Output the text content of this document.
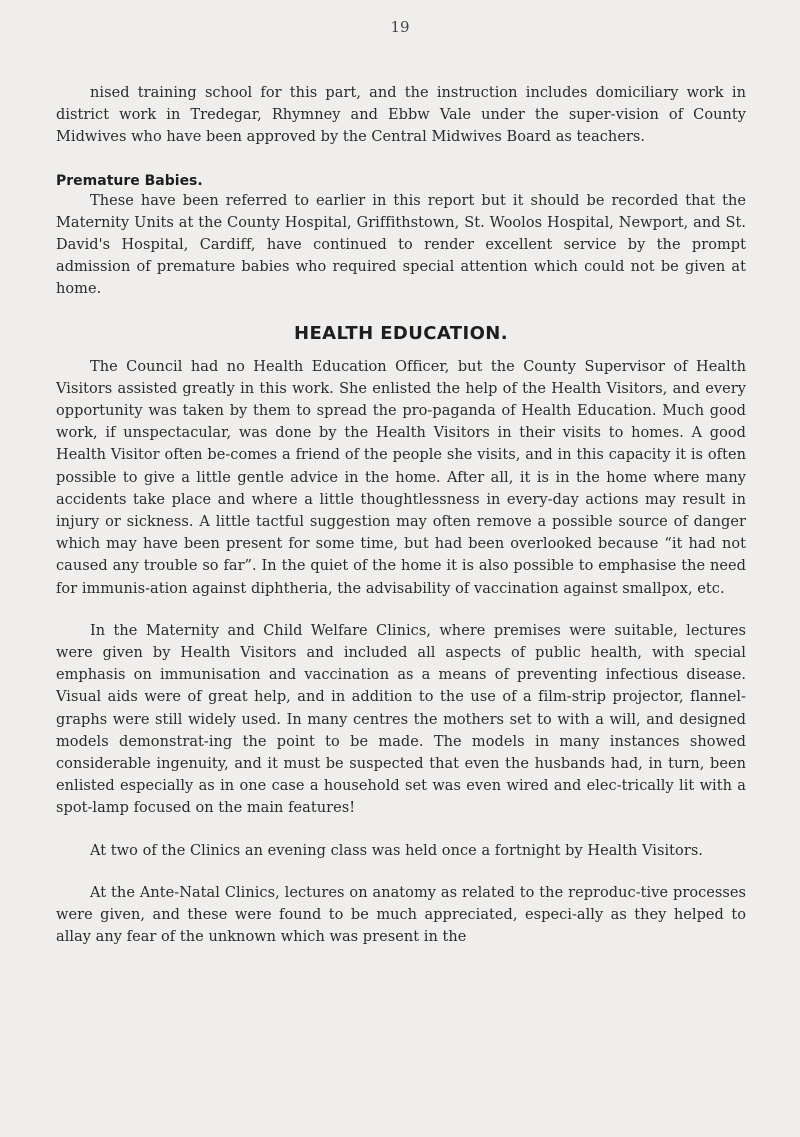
19

nised training school for this part, and the instruction includes domiciliary work in district work in Tredegar, Rhymney and Ebbw Vale under the super-vision of County Midwives who have been approved by the Central Midwives Board as teachers.

Premature Babies.

These have been referred to earlier in this report but it should be recorded that the Maternity Units at the County Hospital, Griffithstown, St. Woolos Hospital, Newport, and St. David's Hospital, Cardiff, have continued to render excellent service by the prompt admission of premature babies who required special attention which could not be given at home.

HEALTH EDUCATION.

The Council had no Health Education Officer, but the County Supervisor of Health Visitors assisted greatly in this work. She enlisted the help of the Health Visitors, and every opportunity was taken by them to spread the pro-paganda of Health Education. Much good work, if unspectacular, was done by the Health Visitors in their visits to homes. A good Health Visitor often be-comes a friend of the people she visits, and in this capacity it is often possible to give a little gentle advice in the home. After all, it is in the home where many accidents take place and where a little thoughtlessness in every-day actions may result in injury or sickness. A little tactful suggestion may often remove a possible source of danger which may have been present for some time, but had been overlooked because “it had not caused any trouble so far”. In the quiet of the home it is also possible to emphasise the need for immunis-ation against diphtheria, the advisability of vaccination against smallpox, etc.

In the Maternity and Child Welfare Clinics, where premises were suitable, lectures were given by Health Visitors and included all aspects of public health, with special emphasis on immunisation and vaccination as a means of preventing infectious disease. Visual aids were of great help, and in addition to the use of a film-strip projector, flannel-graphs were still widely used. In many centres the mothers set to with a will, and designed models demonstrat-ing the point to be made. The models in many instances showed considerable ingenuity, and it must be suspected that even the husbands had, in turn, been enlisted especially as in one case a household set was even wired and elec-trically lit with a spot-lamp focused on the main features!

At two of the Clinics an evening class was held once a fortnight by Health Visitors.

At the Ante-Natal Clinics, lectures on anatomy as related to the reproduc-tive processes were given, and these were found to be much appreciated, especi-ally as they helped to allay any fear of the unknown which was present in the
